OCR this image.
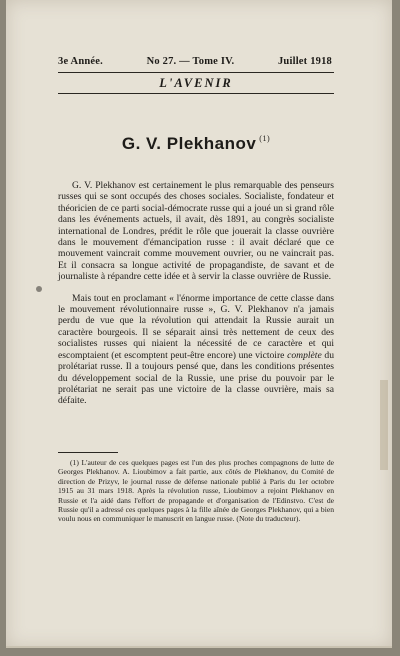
3e Année.	No 27. — Tome IV.	Juillet 1918
L'AVENIR
G. V. Plekhanov $^{(1)}$

G. V. Plekhanov est certainement le plus remarquable des penseurs russes qui se sont occupés des choses sociales. Socialiste, fondateur et théoricien de ce parti social-démocrate russe qui a joué un si grand rôle dans les événements actuels, il avait, dès 1891, au congrès socialiste international de Londres, prédit le rôle que jouerait la classe ouvrière dans le mouvement d'émancipation russe : il avait déclaré que ce mouvement vaincrait comme mouvement ouvrier, ou ne vaincrait pas. Et il consacra sa longue activité de propagandiste, de savant et de journaliste à répandre cette idée et à servir la classe ouvrière de Russie.

Mais tout en proclamant « l'énorme importance de cette classe dans le mouvement révolutionnaire russe », G. V. Plekhanov n'a jamais perdu de vue que la révolution qui attendait la Russie aurait un caractère bourgeois. Il se séparait ainsi très nettement de ceux des socialistes russes qui niaient la nécessité de ce caractère et qui escomptaient (et escomptent peut-être encore) une victoire complète du prolétariat russe. Il a toujours pensé que, dans les conditions présentes du développement social de la Russie, une prise du pouvoir par le prolétariat ne serait pas une victoire de la classe ouvrière, mais sa défaite.

(1) L'auteur de ces quelques pages est l'un des plus proches compagnons de lutte de Georges Plekhanov. A. Lioubimov a fait partie, aux côtés de Plekhanov, du Comité de direction de Prizyv, le journal russe de défense nationale publié à Paris du 1er octobre 1915 au 31 mars 1918. Après la révolution russe, Lioubimov a rejoint Plekhanov en Russie et l'a aidé dans l'effort de propagande et d'organisation de l'Edinstvo. C'est de Russie qu'il a adressé ces quelques pages à la fille aînée de Georges Plekhanov, qui a bien voulu nous en communiquer le manuscrit en langue russe. (Note du traducteur).
